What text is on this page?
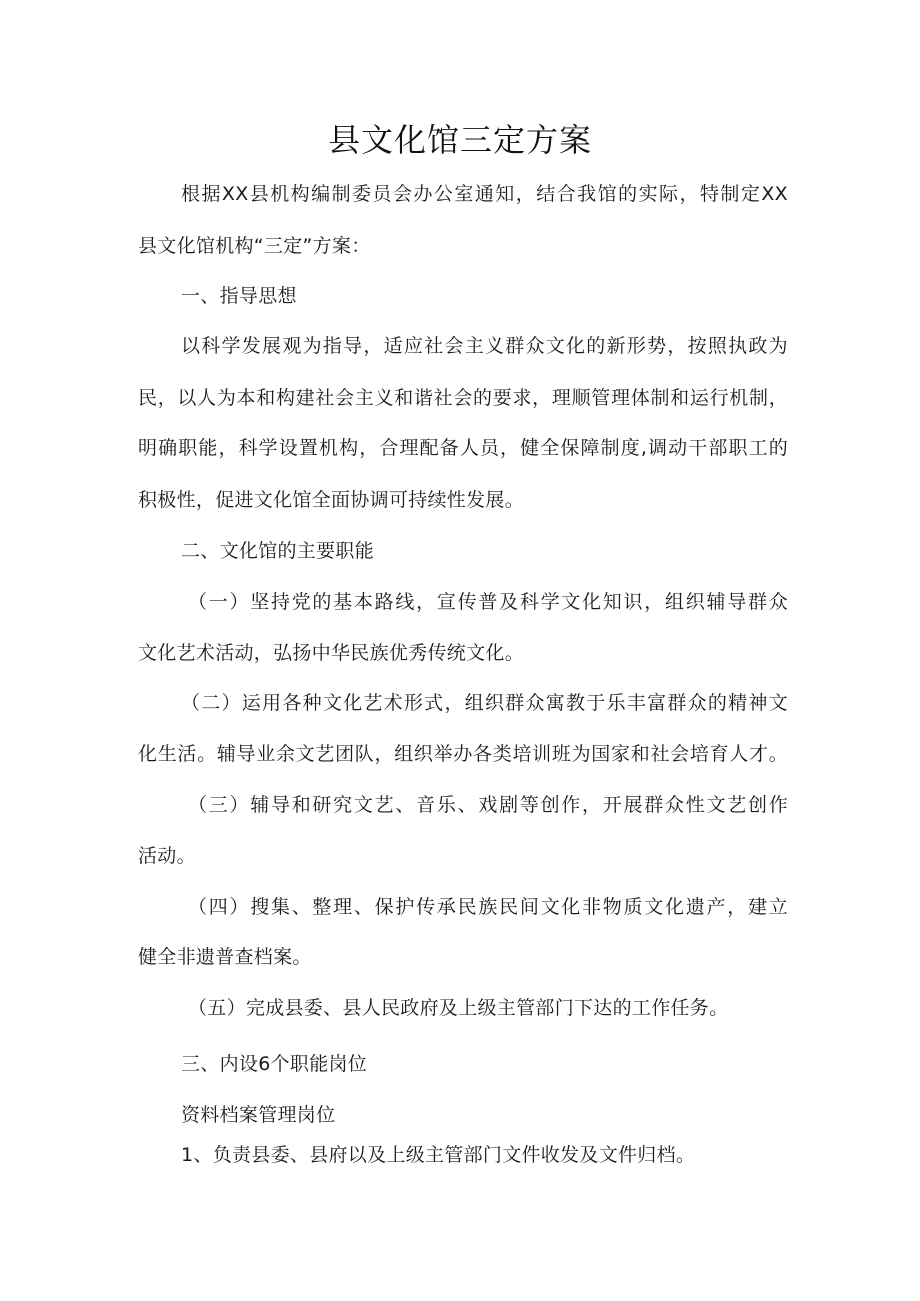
县文化馆三定方案

根据XX县机构编制委员会办公室通知，结合我馆的实际，特制定XX

县文化馆机构“三定”方案：

一、指导思想

以科学发展观为指导，适应社会主义群众文化的新形势，按照执政为

民，以人为本和构建社会主义和谐社会的要求，理顺管理体制和运行机制，

明确职能，科学设置机构，合理配备人员，健全保障制度,调动干部职工的

积极性，促进文化馆全面协调可持续性发展。

二、文化馆的主要职能

（一）坚持党的基本路线，宣传普及科学文化知识，组织辅导群众

文化艺术活动，弘扬中华民族优秀传统文化。

（二）运用各种文化艺术形式，组织群众寓教于乐丰富群众的精神文

化生活。辅导业余文艺团队，组织举办各类培训班为国家和社会培育人才。

（三）辅导和研究文艺、音乐、戏剧等创作，开展群众性文艺创作

活动。

（四）搜集、整理、保护传承民族民间文化非物质文化遗产，建立

健全非遗普查档案。

（五）完成县委、县人民政府及上级主管部门下达的工作任务。

三、内设6个职能岗位

资料档案管理岗位

1、负责县委、县府以及上级主管部门文件收发及文件归档。
